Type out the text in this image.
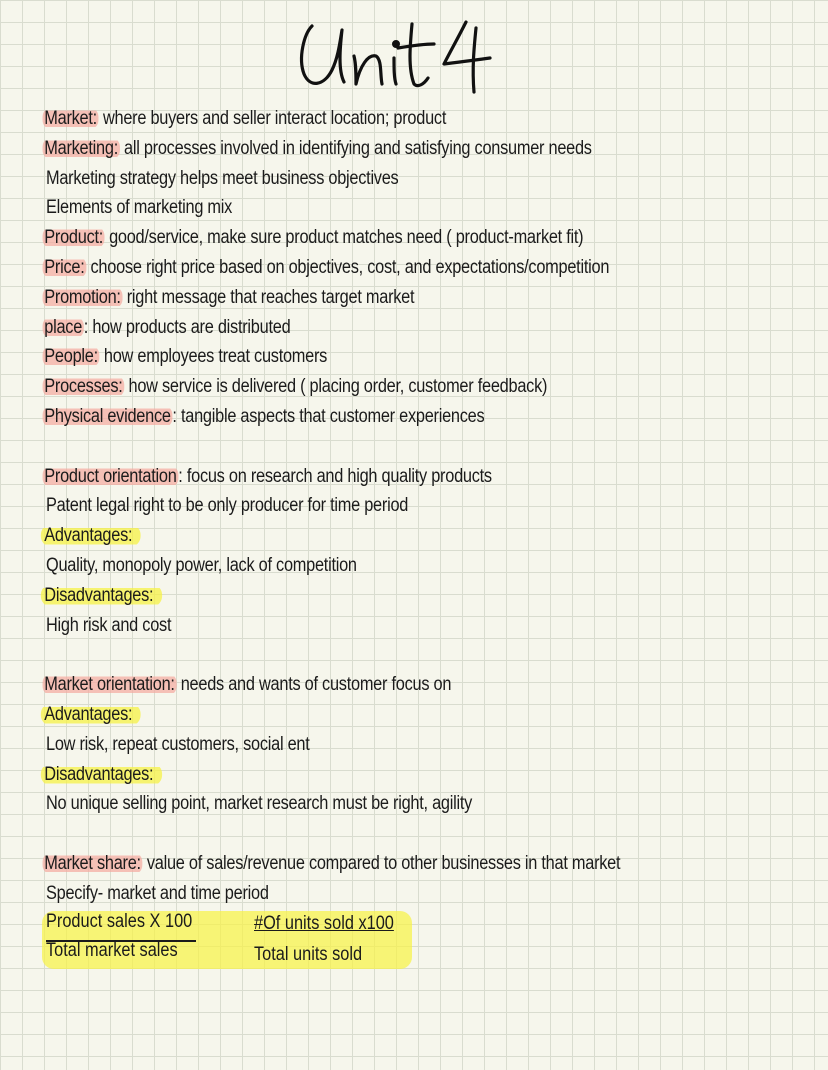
Market: where buyers and seller interact location; product
Marketing: all processes involved in identifying and satisfying consumer needs
Marketing strategy helps meet business objectives
Elements of marketing mix
Product: good/service, make sure product matches need ( product-market fit)
Price: choose right price based on objectives, cost, and expectations/competition
Promotion: right message that reaches target market
place: how products are distributed
People: how employees treat customers
Processes: how service is delivered ( placing order, customer feedback)
Physical evidence: tangible aspects that customer experiences
Product orientation: focus on research and high quality products
Patent legal right to be only producer for time period
Advantages:
Quality, monopoly power, lack of competition
Disadvantages:
High risk and cost
Market orientation: needs and wants of customer focus on
Advantages:
Low risk, repeat customers, social ent
Disadvantages:
No unique selling point, market research must be right, agility
Market share: value of sales/revenue compared to other businesses in that market
Specify- market and time period
Product sales X 100
Total market sales
#Of units sold x100
Total units sold
